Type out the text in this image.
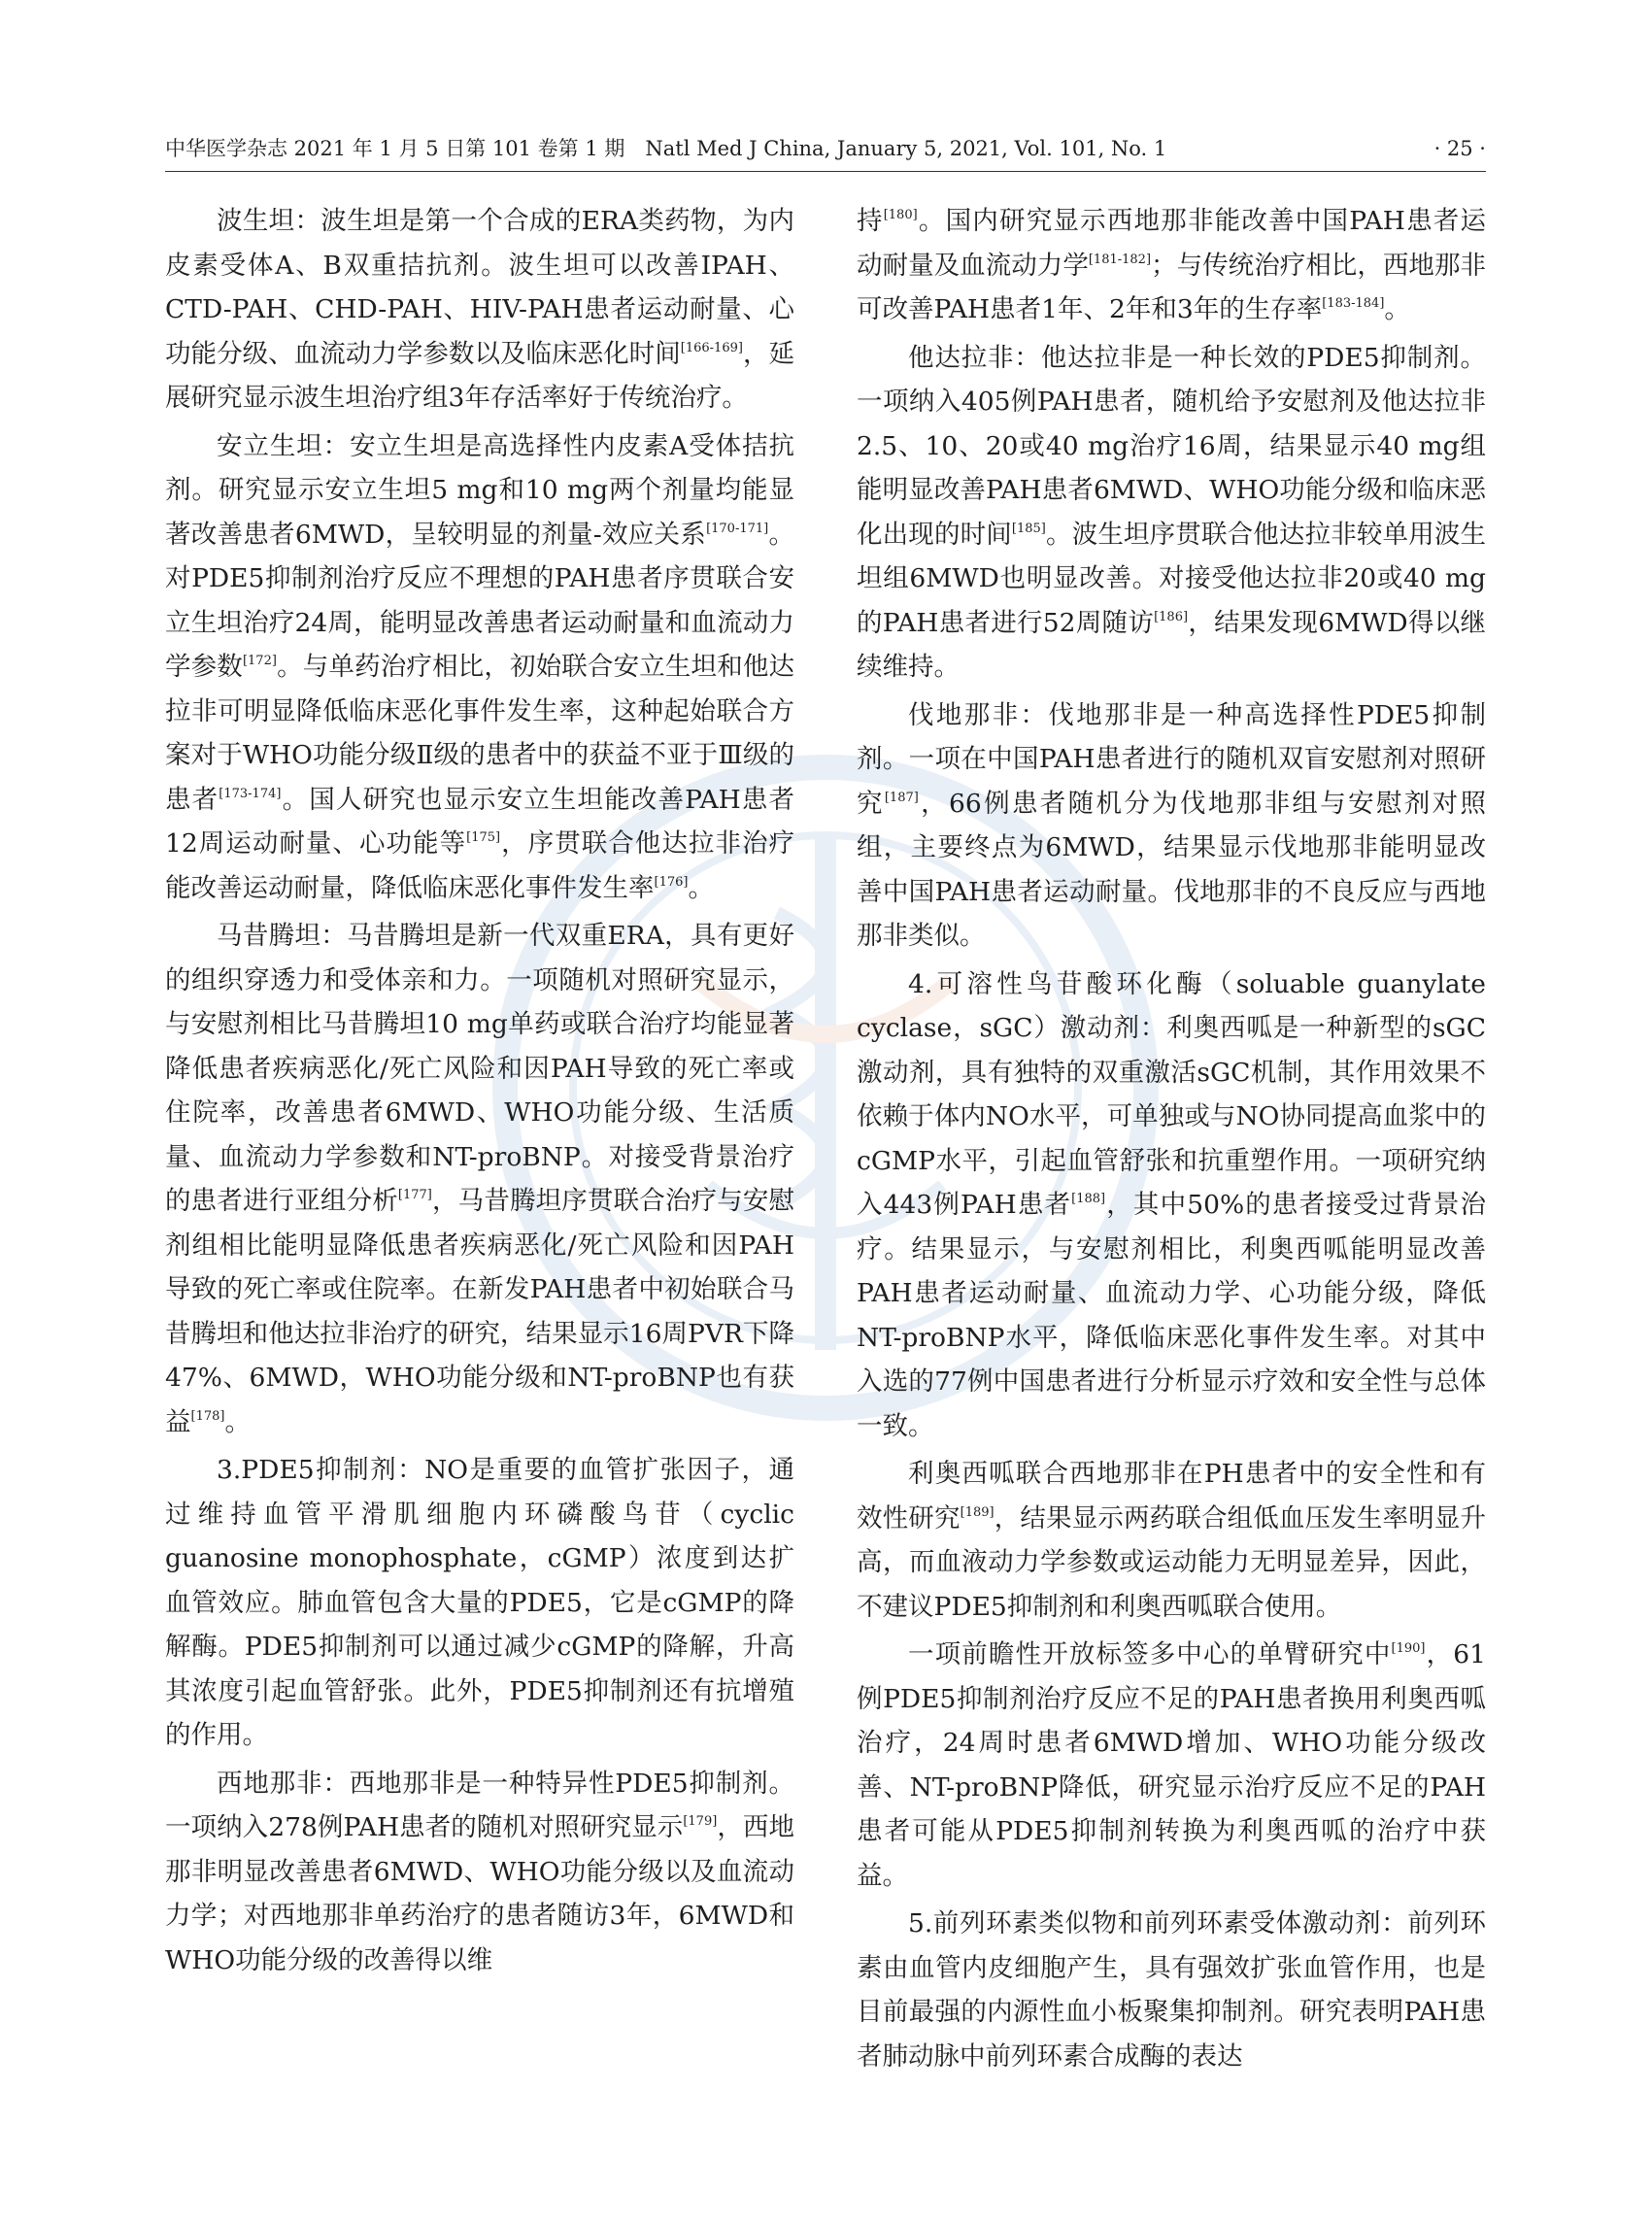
中华医学杂志 2021 年 1 月 5 日第 101 卷第 1 期　Natl Med J China, January 5, 2021, Vol. 101, No. 1	· 25 ·

波生坦：波生坦是第一个合成的ERA类药物，为内皮素受体A、B双重拮抗剂。波生坦可以改善IPAH、CTD-PAH、CHD-PAH、HIV-PAH患者运动耐量、心功能分级、血流动力学参数以及临床恶化时间[166-169]，延展研究显示波生坦治疗组3年存活率好于传统治疗。

安立生坦：安立生坦是高选择性内皮素A受体拮抗剂。研究显示安立生坦5 mg和10 mg两个剂量均能显著改善患者6MWD，呈较明显的剂量-效应关系[170-171]。对PDE5抑制剂治疗反应不理想的PAH患者序贯联合安立生坦治疗24周，能明显改善患者运动耐量和血流动力学参数[172]。与单药治疗相比，初始联合安立生坦和他达拉非可明显降低临床恶化事件发生率，这种起始联合方案对于WHO功能分级Ⅱ级的患者中的获益不亚于Ⅲ级的患者[173-174]。国人研究也显示安立生坦能改善PAH患者12周运动耐量、心功能等[175]，序贯联合他达拉非治疗能改善运动耐量，降低临床恶化事件发生率[176]。

马昔腾坦：马昔腾坦是新一代双重ERA，具有更好的组织穿透力和受体亲和力。一项随机对照研究显示，与安慰剂相比马昔腾坦10 mg单药或联合治疗均能显著降低患者疾病恶化/死亡风险和因PAH导致的死亡率或住院率，改善患者6MWD、WHO功能分级、生活质量、血流动力学参数和NT-proBNP。对接受背景治疗的患者进行亚组分析[177]，马昔腾坦序贯联合治疗与安慰剂组相比能明显降低患者疾病恶化/死亡风险和因PAH导致的死亡率或住院率。在新发PAH患者中初始联合马昔腾坦和他达拉非治疗的研究，结果显示16周PVR下降47%、6MWD，WHO功能分级和NT-proBNP也有获益[178]。

3.PDE5抑制剂：NO是重要的血管扩张因子，通过维持血管平滑肌细胞内环磷酸鸟苷（cyclic guanosine monophosphate，cGMP）浓度到达扩血管效应。肺血管包含大量的PDE5，它是cGMP的降解酶。PDE5抑制剂可以通过减少cGMP的降解，升高其浓度引起血管舒张。此外，PDE5抑制剂还有抗增殖的作用。

西地那非：西地那非是一种特异性PDE5抑制剂。一项纳入278例PAH患者的随机对照研究显示[179]，西地那非明显改善患者6MWD、WHO功能分级以及血流动力学；对西地那非单药治疗的患者随访3年，6MWD和WHO功能分级的改善得以维

持[180]。国内研究显示西地那非能改善中国PAH患者运动耐量及血流动力学[181-182]；与传统治疗相比，西地那非可改善PAH患者1年、2年和3年的生存率[183-184]。

他达拉非：他达拉非是一种长效的PDE5抑制剂。一项纳入405例PAH患者，随机给予安慰剂及他达拉非2.5、10、20或40 mg治疗16周，结果显示40 mg组能明显改善PAH患者6MWD、WHO功能分级和临床恶化出现的时间[185]。波生坦序贯联合他达拉非较单用波生坦组6MWD也明显改善。对接受他达拉非20或40 mg的PAH患者进行52周随访[186]，结果发现6MWD得以继续维持。

伐地那非：伐地那非是一种高选择性PDE5抑制剂。一项在中国PAH患者进行的随机双盲安慰剂对照研究[187]，66例患者随机分为伐地那非组与安慰剂对照组，主要终点为6MWD，结果显示伐地那非能明显改善中国PAH患者运动耐量。伐地那非的不良反应与西地那非类似。

4.可溶性鸟苷酸环化酶（soluable guanylate cyclase，sGC）激动剂：利奥西呱是一种新型的sGC激动剂，具有独特的双重激活sGC机制，其作用效果不依赖于体内NO水平，可单独或与NO协同提高血浆中的cGMP水平，引起血管舒张和抗重塑作用。一项研究纳入443例PAH患者[188]，其中50%的患者接受过背景治疗。结果显示，与安慰剂相比，利奥西呱能明显改善PAH患者运动耐量、血流动力学、心功能分级，降低NT-proBNP水平，降低临床恶化事件发生率。对其中入选的77例中国患者进行分析显示疗效和安全性与总体一致。

利奥西呱联合西地那非在PH患者中的安全性和有效性研究[189]，结果显示两药联合组低血压发生率明显升高，而血液动力学参数或运动能力无明显差异，因此，不建议PDE5抑制剂和利奥西呱联合使用。

一项前瞻性开放标签多中心的单臂研究中[190]，61例PDE5抑制剂治疗反应不足的PAH患者换用利奥西呱治疗，24周时患者6MWD增加、WHO功能分级改善、NT-proBNP降低，研究显示治疗反应不足的PAH患者可能从PDE5抑制剂转换为利奥西呱的治疗中获益。

5.前列环素类似物和前列环素受体激动剂：前列环素由血管内皮细胞产生，具有强效扩张血管作用，也是目前最强的内源性血小板聚集抑制剂。研究表明PAH患者肺动脉中前列环素合成酶的表达
